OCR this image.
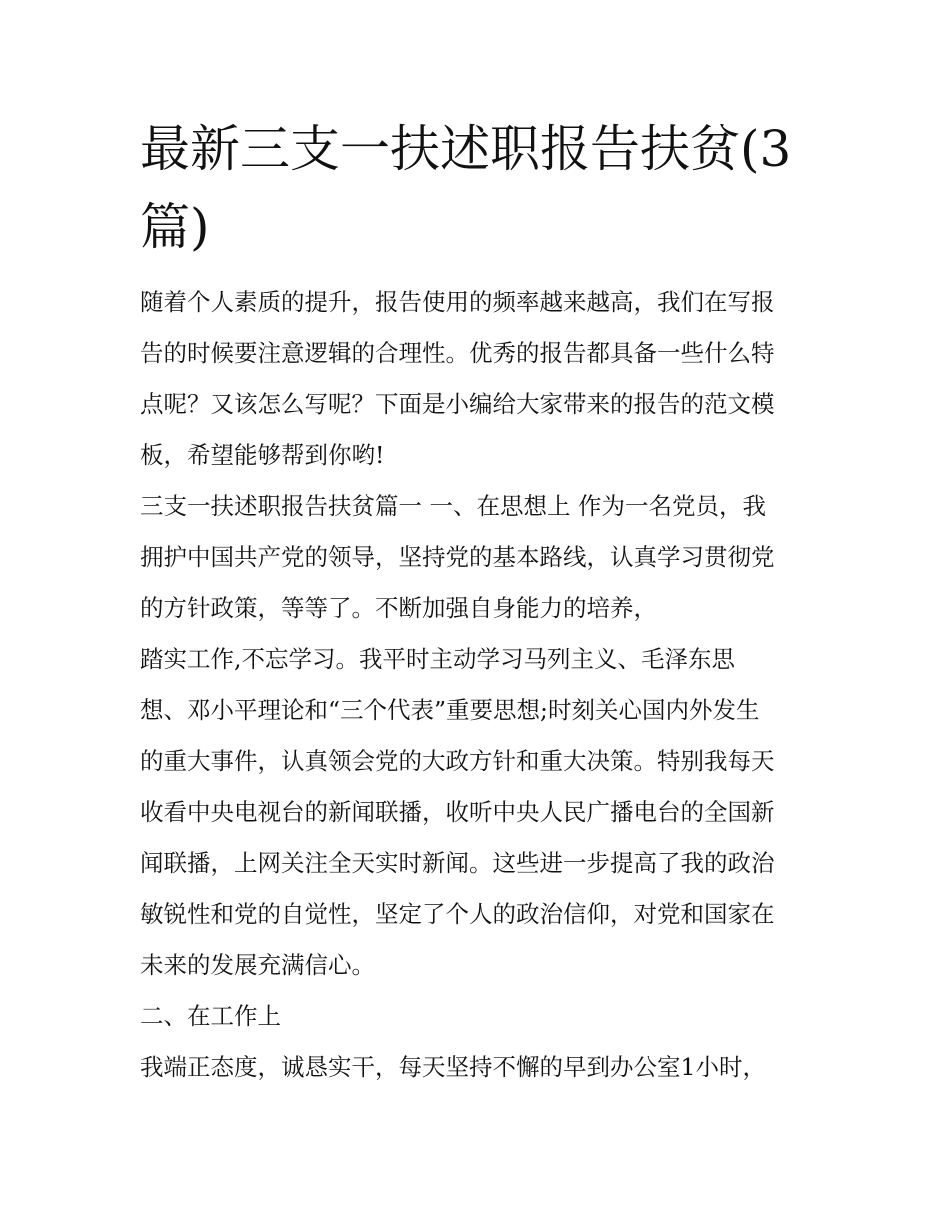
最新三支一扶述职报告扶贫(3篇)
随着个人素质的提升，报告使用的频率越来越高，我们在写报
告的时候要注意逻辑的合理性。优秀的报告都具备一些什么特
点呢？又该怎么写呢？下面是小编给大家带来的报告的范文模
板，希望能够帮到你哟!
三支一扶述职报告扶贫篇一 一、在思想上 作为一名党员，我
拥护中国共产党的领导，坚持党的基本路线，认真学习贯彻党
的方针政策，等等了。不断加强自身能力的培养，
踏实工作,不忘学习。我平时主动学习马列主义、毛泽东思
想、邓小平理论和“三个代表”重要思想;时刻关心国内外发生
的重大事件，认真领会党的大政方针和重大决策。特别我每天
收看中央电视台的新闻联播，收听中央人民广播电台的全国新
闻联播，上网关注全天实时新闻。这些进一步提高了我的政治
敏锐性和党的自觉性，坚定了个人的政治信仰，对党和国家在
未来的发展充满信心。
二、在工作上
我端正态度，诚恳实干，每天坚持不懈的早到办公室1小时，
